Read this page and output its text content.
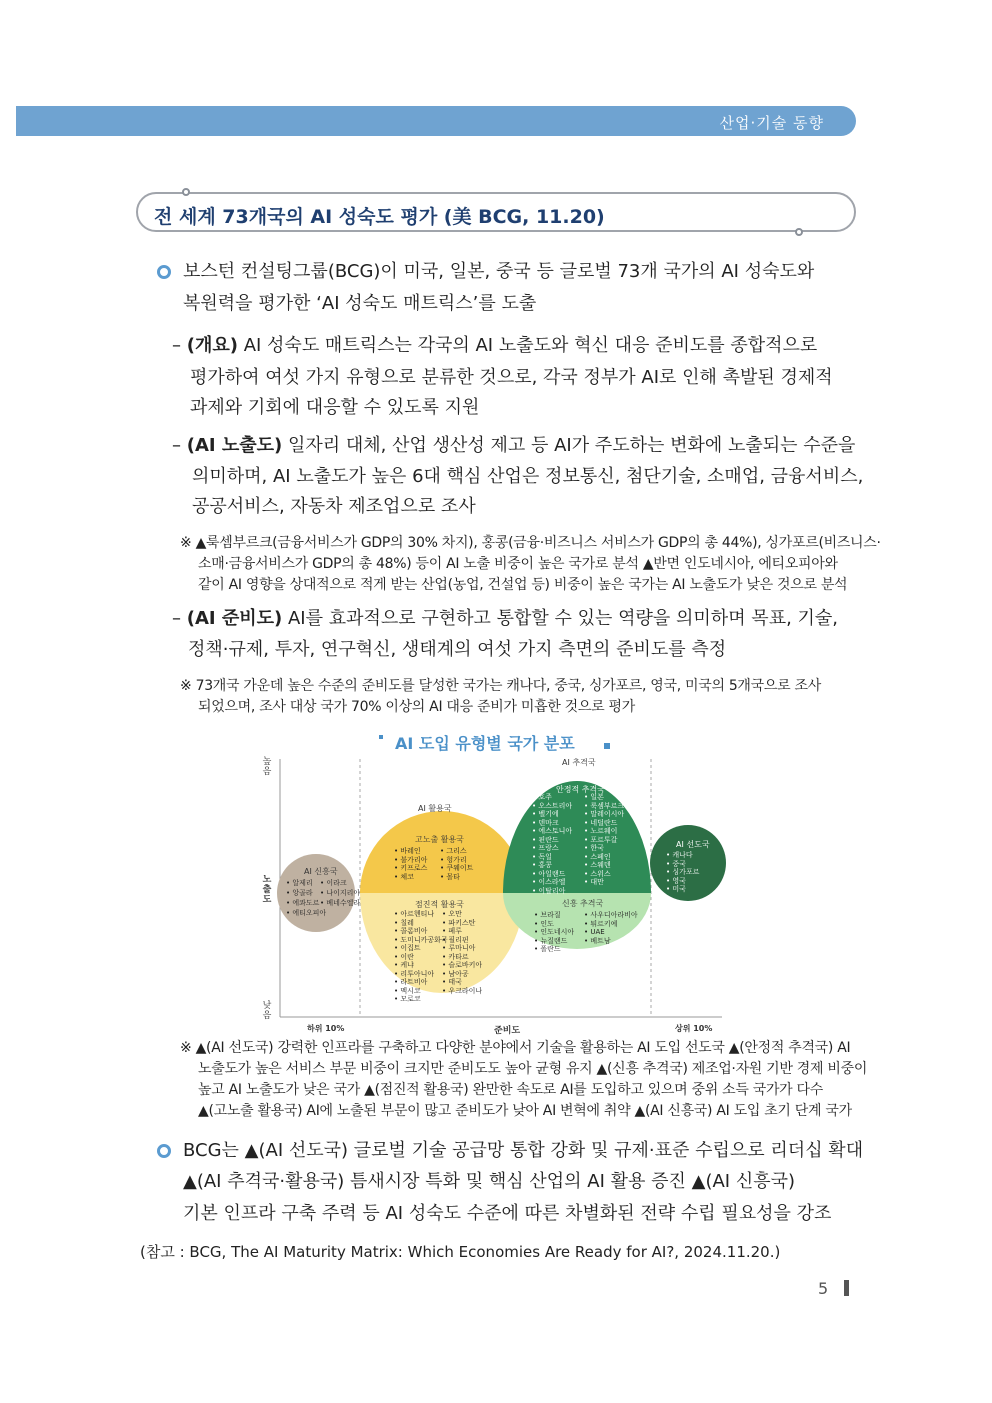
산업·기술 동향
전 세계 73개국의 AI 성숙도 평가 (美 BCG, 11.20)
보스턴 컨설팅그룹(BCG)이 미국, 일본, 중국 등 글로벌 73개 국가의 AI 성숙도와
복원력을 평가한 ‘AI 성숙도 매트릭스’를 도출
– (개요) AI 성숙도 매트릭스는 각국의 AI 노출도와 혁신 대응 준비도를 종합적으로
평가하여 여섯 가지 유형으로 분류한 것으로, 각국 정부가 AI로 인해 촉발된 경제적
과제와 기회에 대응할 수 있도록 지원
– (AI 노출도) 일자리 대체, 산업 생산성 제고 등 AI가 주도하는 변화에 노출되는 수준을
의미하며, AI 노출도가 높은 6대 핵심 산업은 정보통신, 첨단기술, 소매업, 금융서비스,
공공서비스, 자동차 제조업으로 조사
※ ▲룩셈부르크(금융서비스가 GDP의 30% 차지), 홍콩(금융·비즈니스 서비스가 GDP의 총 44%), 싱가포르(비즈니스·
소매·금융서비스가 GDP의 총 48%) 등이 AI 노출 비중이 높은 국가로 분석 ▲반면 인도네시아, 에티오피아와
같이 AI 영향을 상대적으로 적게 받는 산업(농업, 건설업 등) 비중이 높은 국가는 AI 노출도가 낮은 것으로 분석
– (AI 준비도) AI를 효과적으로 구현하고 통합할 수 있는 역량을 의미하며 목표, 기술,
정책·규제, 투자, 연구혁신, 생태계의 여섯 가지 측면의 준비도를 측정
※ 73개국 가운데 높은 수준의 준비도를 달성한 국가는 캐나다, 중국, 싱가포르, 영국, 미국의 5개국으로 조사
되었으며, 조사 대상 국가 70% 이상의 AI 대응 준비가 미흡한 것으로 평가
AI 도입 유형별 국가 분포
높
음
낮
음
노
출
도
하위 10%	준비도	상위 10%
AI 활용국
AI 추격국
AI 신흥국
• 알제리
• 앙골라
• 에콰도르
• 에티오피아
• 이라크
• 나이지리아
• 베네수엘라
고노출 활용국
• 바레인
• 불가리아
• 키프로스
• 체코
• 그리스
• 헝가리
• 쿠웨이트
• 몰타
점진적 활용국
• 아르헨티나
• 칠레
• 콜롬비아
• 도미니카공화국
• 이집트
• 이란
• 케냐
• 리투아니아
• 라트비아
• 멕시코
• 모로코
• 오만
• 파키스탄
• 페루
• 필리핀
• 루마니아
• 카타르
• 슬로바키아
• 남아공
• 태국
• 우크라이나
안정적 추격국
• 호주
• 오스트리아
• 벨기에
• 덴마크
• 에스토니아
• 핀란드
• 프랑스
• 독일
• 홍콩
• 아일랜드
• 이스라엘
• 이탈리아
• 일본
• 룩셈부르크
• 말레이시아
• 네덜란드
• 노르웨이
• 포르투갈
• 한국
• 스페인
• 스웨덴
• 스위스
• 대만
신흥 추격국
• 브라질
• 인도
• 인도네시아
• 뉴질랜드
• 폴란드
• 사우디아라비아
• 튀르키예
• UAE
• 베트남
AI 선도국
• 캐나다
• 중국
• 싱가포르
• 영국
• 미국
※ ▲(AI 선도국) 강력한 인프라를 구축하고 다양한 분야에서 기술을 활용하는 AI 도입 선도국 ▲(안정적 추격국) AI
노출도가 높은 서비스 부문 비중이 크지만 준비도도 높아 균형 유지 ▲(신흥 추격국) 제조업·자원 기반 경제 비중이
높고 AI 노출도가 낮은 국가 ▲(점진적 활용국) 완만한 속도로 AI를 도입하고 있으며 중위 소득 국가가 다수
▲(고노출 활용국) AI에 노출된 부문이 많고 준비도가 낮아 AI 변혁에 취약 ▲(AI 신흥국) AI 도입 초기 단계 국가
BCG는 ▲(AI 선도국) 글로벌 기술 공급망 통합 강화 및 규제·표준 수립으로 리더십 확대
▲(AI 추격국·활용국) 틈새시장 특화 및 핵심 산업의 AI 활용 증진 ▲(AI 신흥국)
기본 인프라 구축 주력 등 AI 성숙도 수준에 따른 차별화된 전략 수립 필요성을 강조
(참고 : BCG, The AI Maturity Matrix: Which Economies Are Ready for AI?, 2024.11.20.)
5
